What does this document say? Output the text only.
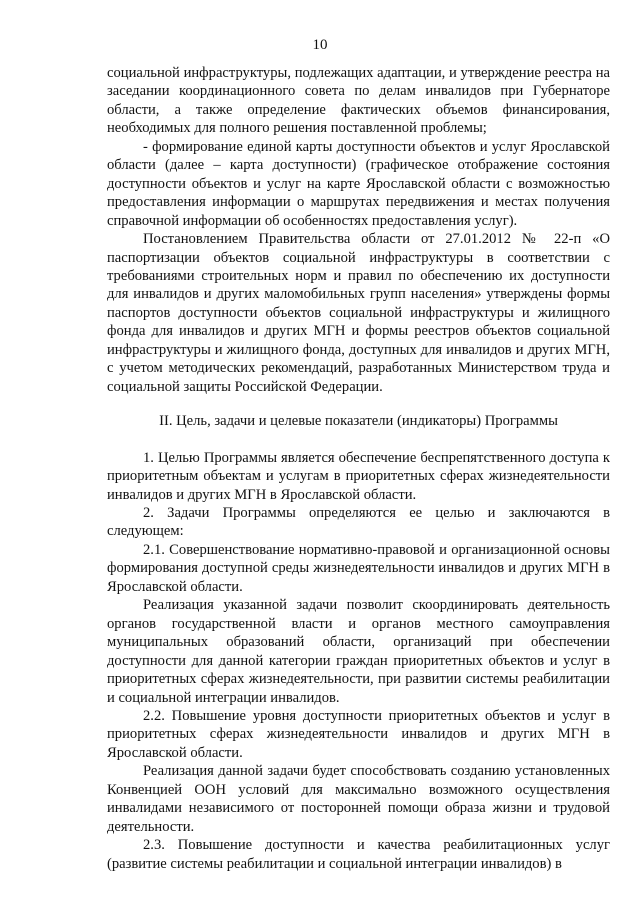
10

социальной инфраструктуры, подлежащих адаптации, и утверждение реестра на заседании координационного совета по делам инвалидов при Губернаторе области, а также определение фактических объемов финансирования, необходимых для полного решения поставленной проблемы;

- формирование единой карты доступности объектов и услуг Ярославской области (далее – карта доступности) (графическое отображение состояния доступности объектов и услуг на карте Ярославской области с возможностью предоставления информации о маршрутах передвижения и местах получения справочной информации об особенностях предоставления услуг).

Постановлением Правительства области от 27.01.2012 № 22-п «О паспортизации объектов социальной инфраструктуры в соответствии с требованиями строительных норм и правил по обеспечению их доступности для инвалидов и других маломобильных групп населения» утверждены формы паспортов доступности объектов социальной инфраструктуры и жилищного фонда для инвалидов и других МГН и формы реестров объектов социальной инфраструктуры и жилищного фонда, доступных для инвалидов и других МГН, с учетом методических рекомендаций, разработанных Министерством труда и социальной защиты Российской Федерации.

II. Цель, задачи и целевые показатели (индикаторы) Программы

1. Целью Программы является обеспечение беспрепятственного доступа к приоритетным объектам и услугам в приоритетных сферах жизнедеятельности инвалидов и других МГН в Ярославской области.

2. Задачи Программы определяются ее целью и заключаются в следующем:

2.1. Совершенствование нормативно-правовой и организационной основы формирования доступной среды жизнедеятельности инвалидов и других МГН в Ярославской области.

Реализация указанной задачи позволит скоординировать деятельность органов государственной власти и органов местного самоуправления муниципальных образований области, организаций при обеспечении доступности для данной категории граждан приоритетных объектов и услуг в приоритетных сферах жизнедеятельности, при развитии системы реабилитации и социальной интеграции инвалидов.

2.2. Повышение уровня доступности приоритетных объектов и услуг в приоритетных сферах жизнедеятельности инвалидов и других МГН в Ярославской области.

Реализация данной задачи будет способствовать созданию установленных Конвенцией ООН условий для максимально возможного осуществления инвалидами независимого от посторонней помощи образа жизни и трудовой деятельности.

2.3. Повышение доступности и качества реабилитационных услуг (развитие системы реабилитации и социальной интеграции инвалидов) в
